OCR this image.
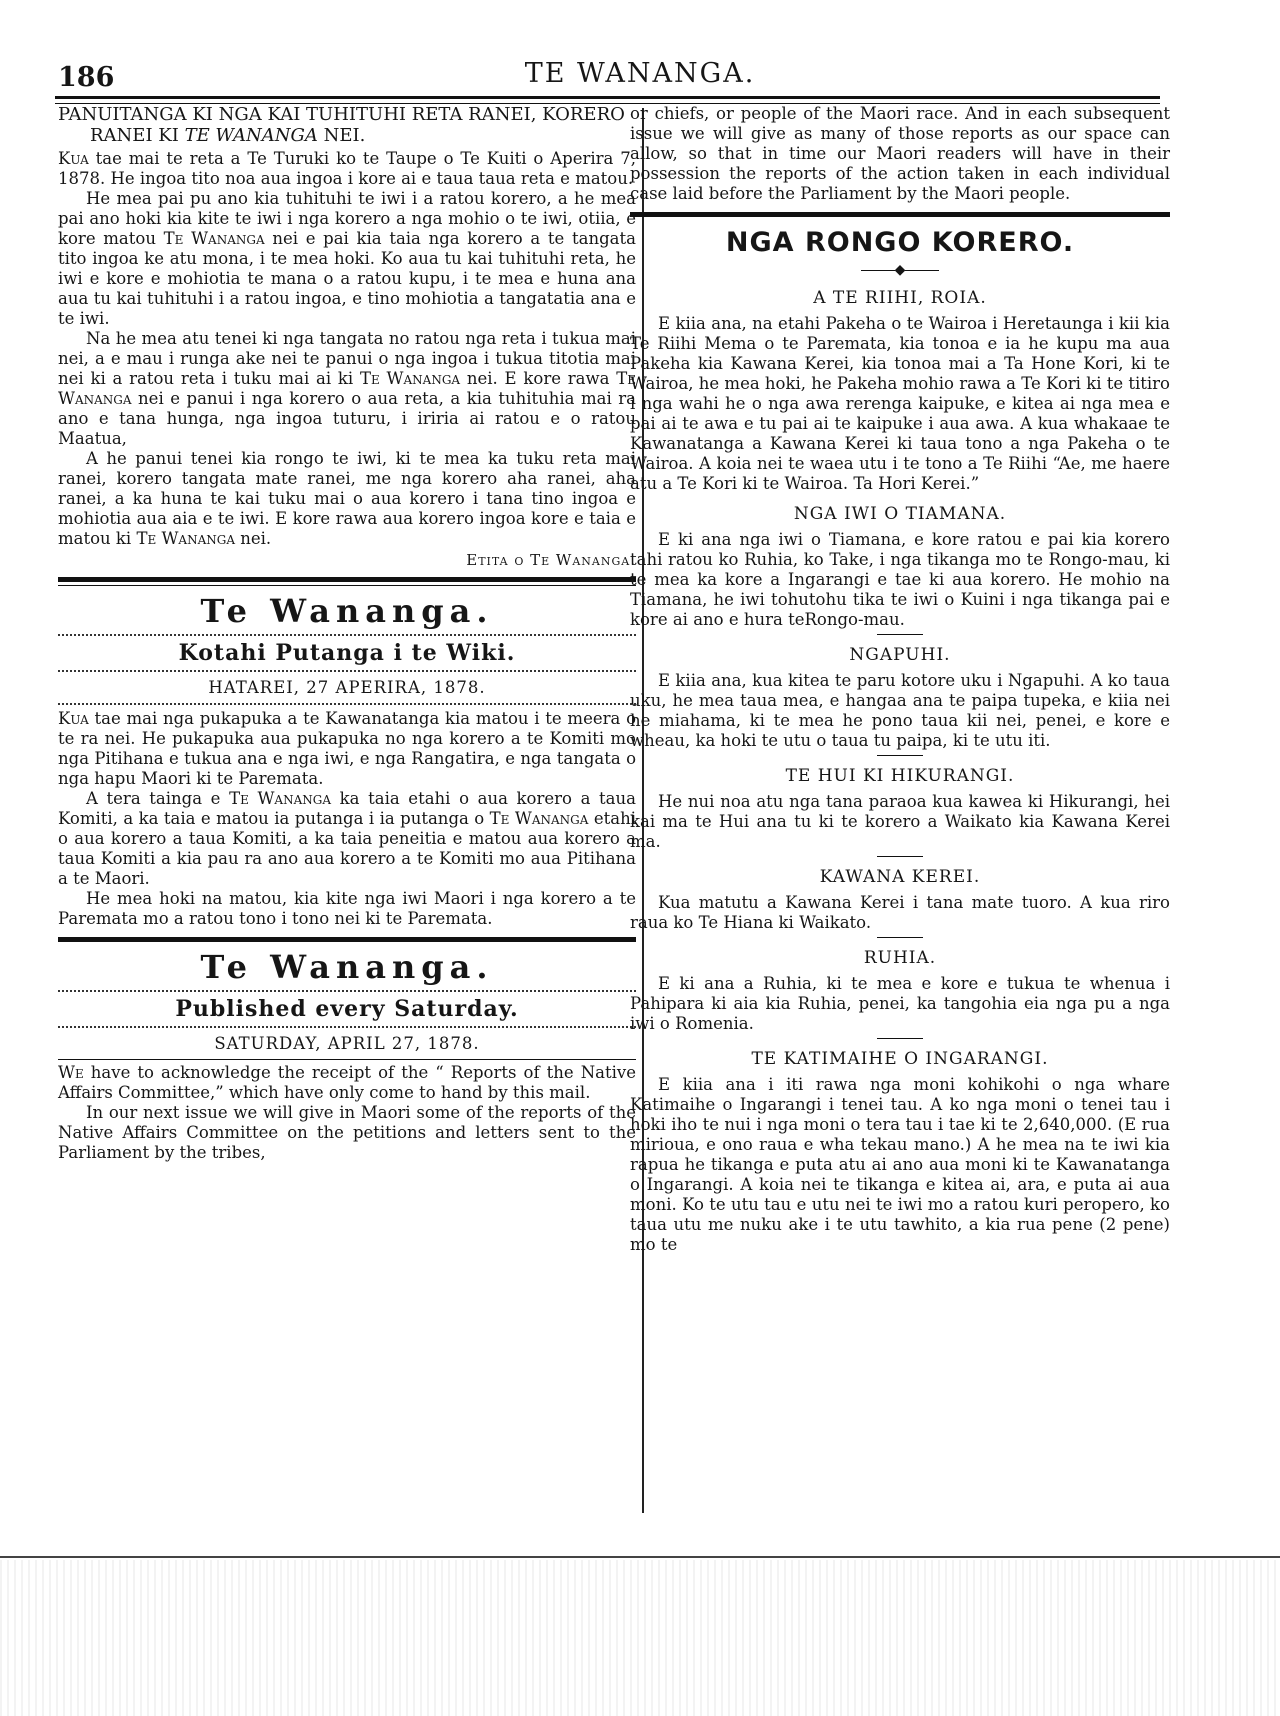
186	TE WANANGA.
PANUITANGA KI NGA KAI TUHITUHI RETA RANEI, KORERO RANEI KI TE WANANGA NEI.

Kua tae mai te reta a Te Turuki ko te Taupe o Te Kuiti o Aperira 7, 1878. He ingoa tito noa aua ingoa i kore ai e taua taua reta e matou.

He mea pai pu ano kia tuhituhi te iwi i a ratou korero, a he mea pai ano hoki kia kite te iwi i nga korero a nga mohio o te iwi, otiia, e kore matou Te Wananga nei e pai kia taia nga korero a te tangata tito ingoa ke atu mona, i te mea hoki. Ko aua tu kai tuhituhi reta, he iwi e kore e mohiotia te mana o a ratou kupu, i te mea e huna ana aua tu kai tuhituhi i a ratou ingoa, e tino mohiotia a tangatatia ana e te iwi.

Na he mea atu tenei ki nga tangata no ratou nga reta i tukua mai nei, a e mau i runga ake nei te panui o nga ingoa i tukua titotia mai nei ki a ratou reta i tuku mai ai ki Te Wananga nei. E kore rawa Te Wananga nei e panui i nga korero o aua reta, a kia tuhituhia mai ra ano e tana hunga, nga ingoa tuturu, i iriria ai ratou e o ratou Maatua,

A he panui tenei kia rongo te iwi, ki te mea ka tuku reta mai ranei, korero tangata mate ranei, me nga korero aha ranei, aha ranei, a ka huna te kai tuku mai o aua korero i tana tino ingoa e mohiotia aua aia e te iwi. E kore rawa aua korero ingoa kore e taia e matou ki Te Wananga nei.

Etita o Te Wananga.
Te Wananga.
Kotahi Putanga i te Wiki.
HATAREI, 27 APERIRA, 1878.

Kua tae mai nga pukapuka a te Kawanatanga kia matou i te meera o te ra nei. He pukapuka aua pukapuka no nga korero a te Komiti mo nga Pitihana e tukua ana e nga iwi, e nga Rangatira, e nga tangata o nga hapu Maori ki te Paremata.

A tera tainga e Te Wananga ka taia etahi o aua korero a taua Komiti, a ka taia e matou ia putanga i ia putanga o Te Wananga etahi o aua korero a taua Komiti, a ka taia peneitia e matou aua korero a taua Komiti a kia pau ra ano aua korero a te Komiti mo aua Pitihana a te Maori.

He mea hoki na matou, kia kite nga iwi Maori i nga korero a te Paremata mo a ratou tono i tono nei ki te Paremata.

Te Wananga.
Published every Saturday.
SATURDAY, APRIL 27, 1878.

We have to acknowledge the receipt of the “ Reports of the Native Affairs Committee,” which have only come to hand by this mail.

In our next issue we will give in Maori some of the reports of the Native Affairs Committee on the petitions and letters sent to the Parliament by the tribes,

or chiefs, or people of the Maori race. And in each subsequent issue we will give as many of those reports as our space can allow, so that in time our Maori readers will have in their possession the reports of the action taken in each individual case laid before the Parliament by the Maori people.

NGA RONGO KORERO.
◆
A TE RIIHI, ROIA.

E kiia ana, na etahi Pakeha o te Wairoa i Heretaunga i kii kia Te Riihi Mema o te Paremata, kia tonoa e ia he kupu ma aua Pakeha kia Kawana Kerei, kia tonoa mai a Ta Hone Kori, ki te Wairoa, he mea hoki, he Pakeha mohio rawa a Te Kori ki te titiro i nga wahi he o nga awa rerenga kaipuke, e kitea ai nga mea e pai ai te awa e tu pai ai te kaipuke i aua awa. A kua whakaae te Kawanatanga a Kawana Kerei ki taua tono a nga Pakeha o te Wairoa. A koia nei te waea utu i te tono a Te Riihi “Ae, me haere atu a Te Kori ki te Wairoa. Ta Hori Kerei.”

NGA IWI O TIAMANA.

E ki ana nga iwi o Tiamana, e kore ratou e pai kia korero tahi ratou ko Ruhia, ko Take, i nga tikanga mo te Rongo-mau, ki te mea ka kore a Ingarangi e tae ki aua korero. He mohio na Tiamana, he iwi tohutohu tika te iwi o Kuini i nga tikanga pai e kore ai ano e hura teRongo-mau.

NGAPUHI.

E kiia ana, kua kitea te paru kotore uku i Ngapuhi. A ko taua uku, he mea taua mea, e hangaa ana te paipa tupeka, e kiia nei he miahama, ki te mea he pono taua kii nei, penei, e kore e wheau, ka hoki te utu o taua tu paipa, ki te utu iti.

TE HUI KI HIKURANGI.

He nui noa atu nga tana paraoa kua kawea ki Hikurangi, hei kai ma te Hui ana tu ki te korero a Waikato kia Kawana Kerei ma.

KAWANA KEREI.

Kua matutu a Kawana Kerei i tana mate tuoro. A kua riro raua ko Te Hiana ki Waikato.

RUHIA.

E ki ana a Ruhia, ki te mea e kore e tukua te whenua i Pahipara ki aia kia Ruhia, penei, ka tangohia eia nga pu a nga iwi o Romenia.

TE KATIMAIHE O INGARANGI.

E kiia ana i iti rawa nga moni kohikohi o nga whare Katimaihe o Ingarangi i tenei tau. A ko nga moni o tenei tau i hoki iho te nui i nga moni o tera tau i tae ki te 2,640,000. (E rua mirioua, e ono raua e wha tekau mano.) A he mea na te iwi kia rapua he tikanga e puta atu ai ano aua moni ki te Kawanatanga o Ingarangi. A koia nei te tikanga e kitea ai, ara, e puta ai aua moni. Ko te utu tau e utu nei te iwi mo a ratou kuri peropero, ko taua utu me nuku ake i te utu tawhito, a kia rua pene (2 pene) mo te
